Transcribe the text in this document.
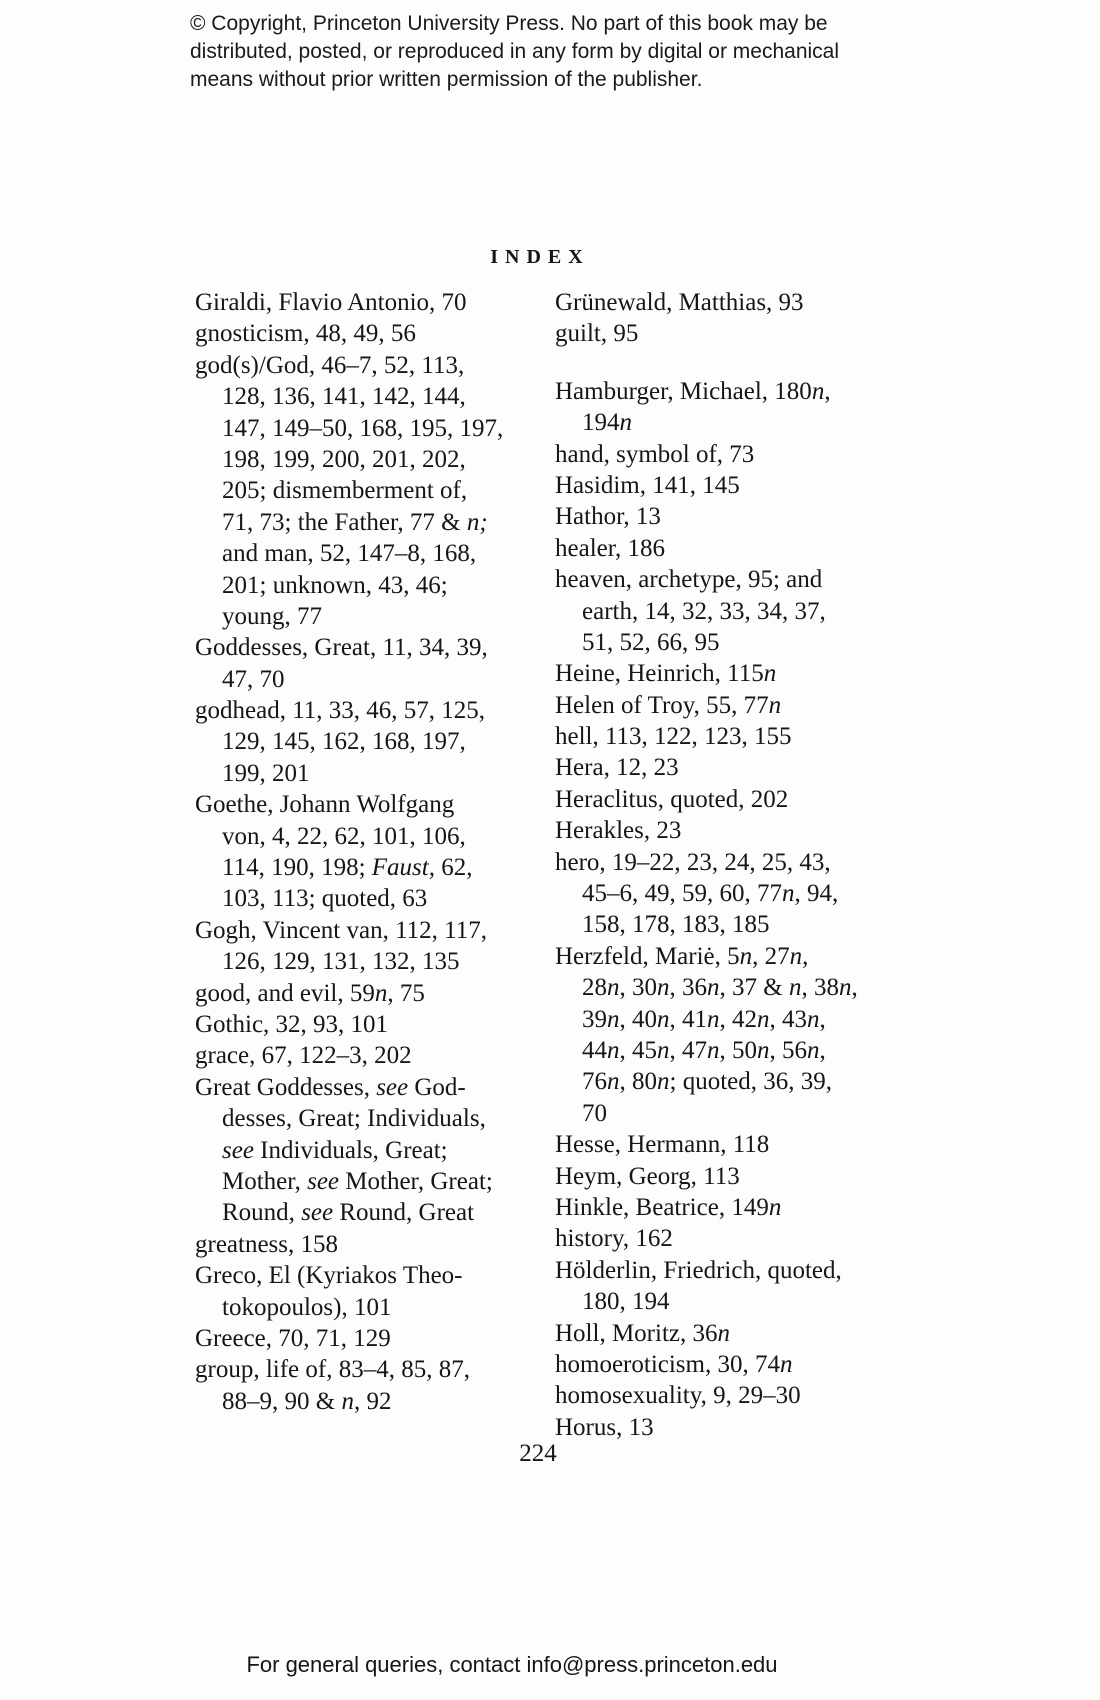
© Copyright, Princeton University Press. No part of this book may be
distributed, posted, or reproduced in any form by digital or mechanical
means without prior written permission of the publisher.
INDEX
Giraldi, Flavio Antonio, 70
gnosticism, 48, 49, 56
god(s)/God, 46–7, 52, 113,
128, 136, 141, 142, 144,
147, 149–50, 168, 195, 197,
198, 199, 200, 201, 202,
205; dismemberment of,
71, 73; the Father, 77 & n;
and man, 52, 147–8, 168,
201; unknown, 43, 46;
young, 77
Goddesses, Great, 11, 34, 39,
47, 70
godhead, 11, 33, 46, 57, 125,
129, 145, 162, 168, 197,
199, 201
Goethe, Johann Wolfgang
von, 4, 22, 62, 101, 106,
114, 190, 198; Faust, 62,
103, 113; quoted, 63
Gogh, Vincent van, 112, 117,
126, 129, 131, 132, 135
good, and evil, 59n, 75
Gothic, 32, 93, 101
grace, 67, 122–3, 202
Great Goddesses, see God-
desses, Great; Individuals,
see Individuals, Great;
Mother, see Mother, Great;
Round, see Round, Great
greatness, 158
Greco, El (Kyriakos Theo-
tokopoulos), 101
Greece, 70, 71, 129
group, life of, 83–4, 85, 87,
88–9, 90 & n, 92
Grünewald, Matthias, 93
guilt, 95
Hamburger, Michael, 180n,
194n
hand, symbol of, 73
Hasidim, 141, 145
Hathor, 13
healer, 186
heaven, archetype, 95; and
earth, 14, 32, 33, 34, 37,
51, 52, 66, 95
Heine, Heinrich, 115n
Helen of Troy, 55, 77n
hell, 113, 122, 123, 155
Hera, 12, 23
Heraclitus, quoted, 202
Herakles, 23
hero, 19–22, 23, 24, 25, 43,
45–6, 49, 59, 60, 77n, 94,
158, 178, 183, 185
Herzfeld, Mariė, 5n, 27n,
28n, 30n, 36n, 37 & n, 38n,
39n, 40n, 41n, 42n, 43n,
44n, 45n, 47n, 50n, 56n,
76n, 80n; quoted, 36, 39,
70
Hesse, Hermann, 118
Heym, Georg, 113
Hinkle, Beatrice, 149n
history, 162
Hölderlin, Friedrich, quoted,
180, 194
Holl, Moritz, 36n
homoeroticism, 30, 74n
homosexuality, 9, 29–30
Horus, 13
224
For general queries, contact info@press.princeton.edu
